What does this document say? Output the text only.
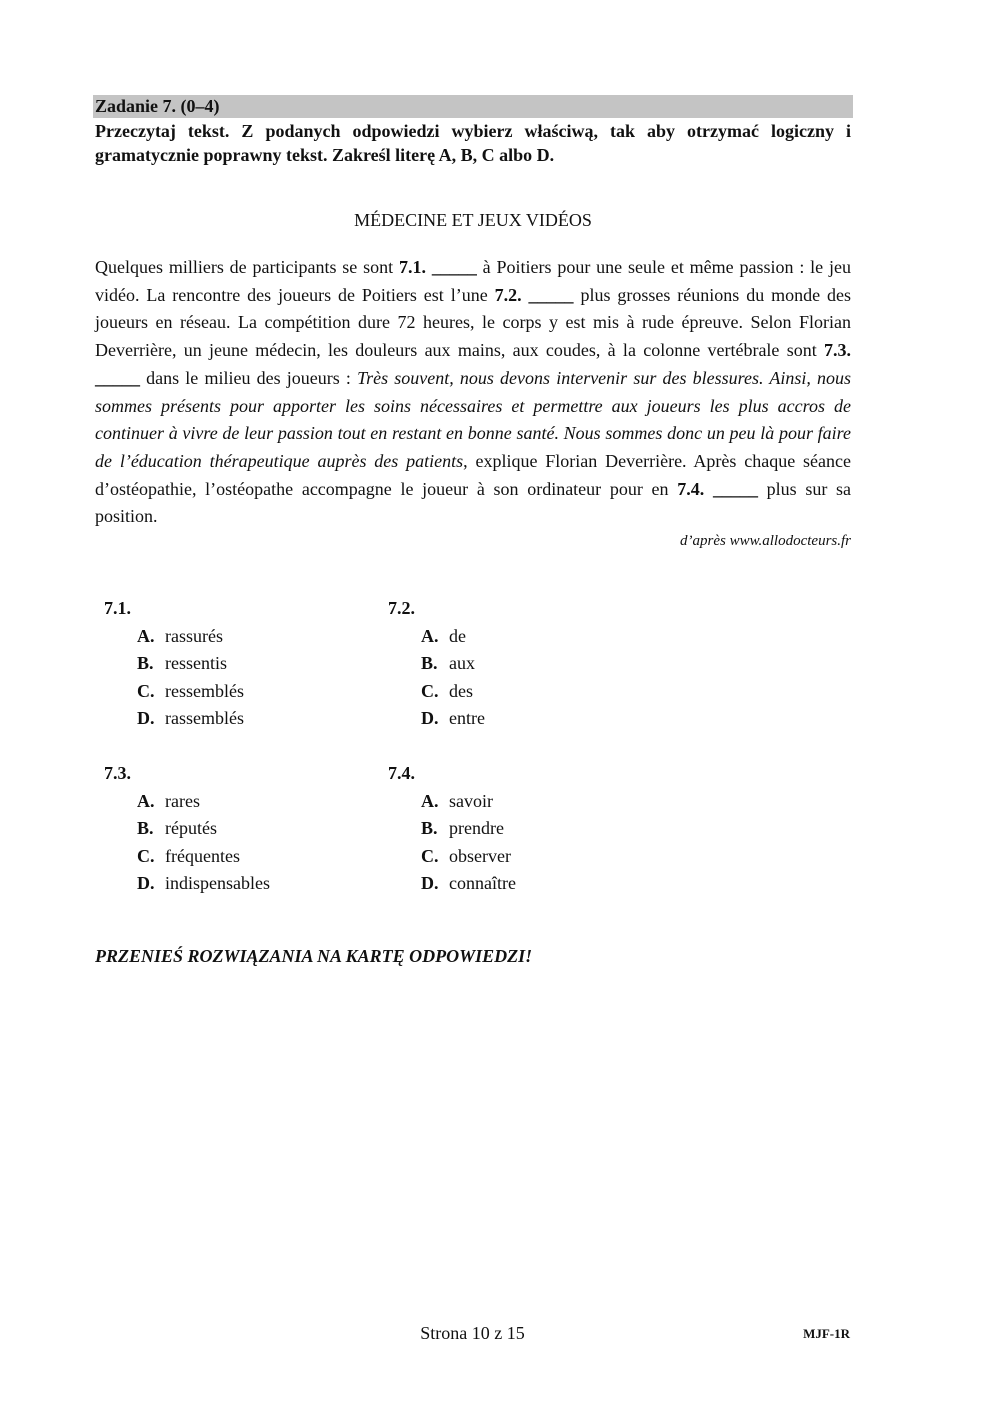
Zadanie 7. (0–4)
Przeczytaj tekst. Z podanych odpowiedzi wybierz właściwą, tak aby otrzymać logiczny i gramatycznie poprawny tekst. Zakreśl literę A, B, C albo D.
MÉDECINE ET JEUX VIDÉOS
Quelques milliers de participants se sont 7.1. _____ à Poitiers pour une seule et même passion : le jeu vidéo. La rencontre des joueurs de Poitiers est l’une 7.2. _____ plus grosses réunions du monde des joueurs en réseau. La compétition dure 72 heures, le corps y est mis à rude épreuve. Selon Florian Deverrière, un jeune médecin, les douleurs aux mains, aux coudes, à la colonne vertébrale sont 7.3. _____ dans le milieu des joueurs : Très souvent, nous devons intervenir sur des blessures. Ainsi, nous sommes présents pour apporter les soins nécessaires et permettre aux joueurs les plus accros de continuer à vivre de leur passion tout en restant en bonne santé. Nous sommes donc un peu là pour faire de l’éducation thérapeutique auprès des patients, explique Florian Deverrière. Après chaque séance d’ostéopathie, l’ostéopathe accompagne le joueur à son ordinateur pour en 7.4. _____ plus sur sa position.
d’après www.allodocteurs.fr
7.1.
A. rassurés
B. ressentis
C. ressemblés
D. rassemblés
7.2.
A. de
B. aux
C. des
D. entre
7.3.
A. rares
B. réputés
C. fréquentes
D. indispensables
7.4.
A. savoir
B. prendre
C. observer
D. connaître
PRZENIEŚ ROZWIĄZANIA NA KARTĘ ODPOWIEDZI!
Strona 10 z 15	MJF-1R
